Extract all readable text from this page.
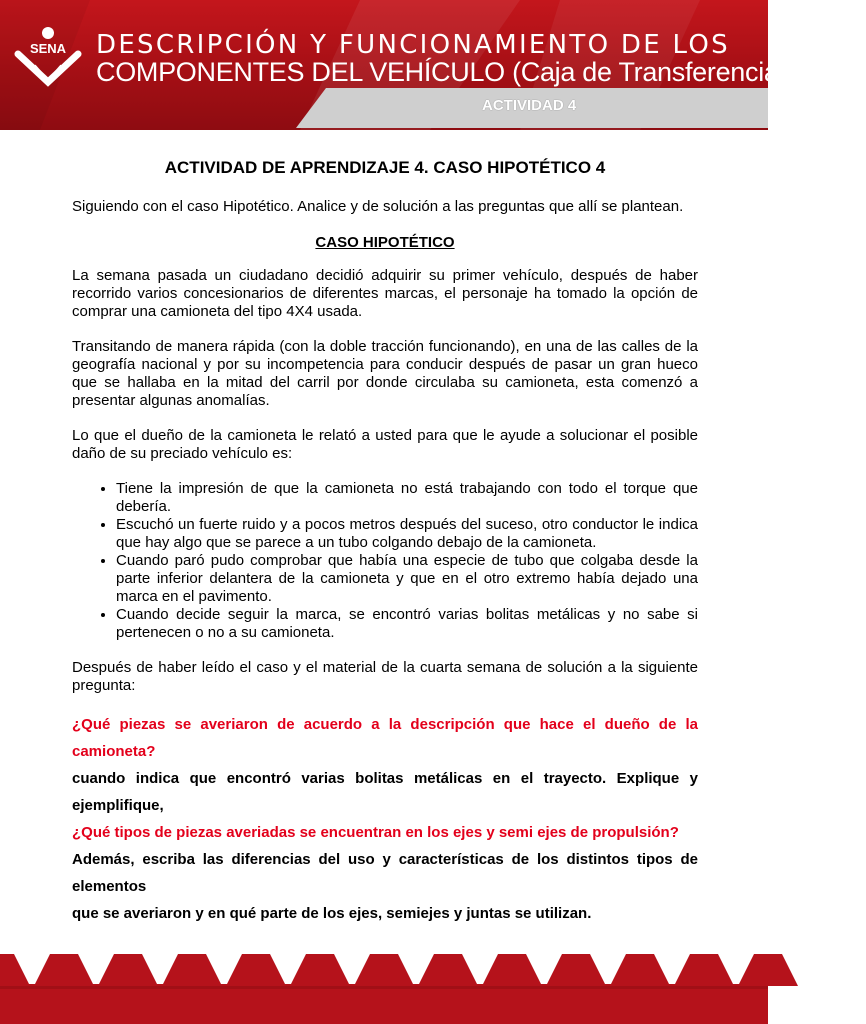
SENA DESCRIPCIÓN Y FUNCIONAMIENTO DE LOS
COMPONENTES DEL VEHÍCULO (Caja de Transferencia y Ejes)
ACTIVIDAD 4
ACTIVIDAD DE APRENDIZAJE 4. CASO HIPOTÉTICO 4

Siguiendo con el caso Hipotético. Analice y de solución a las preguntas que allí se plantean.

CASO HIPOTÉTICO

La semana pasada un ciudadano decidió adquirir su primer vehículo, después de haber recorrido varios concesionarios de diferentes marcas, el personaje ha tomado la opción de comprar una camioneta del tipo 4X4 usada.

Transitando de manera rápida (con la doble tracción funcionando), en una de las calles de la geografía nacional y por su incompetencia para conducir después de pasar un gran hueco que se hallaba en la mitad del carril por donde circulaba su camioneta, esta comenzó a presentar algunas anomalías.

Lo que el dueño de la camioneta le relató a usted para que le ayude a solucionar el posible daño de su preciado vehículo es:

• Tiene la impresión de que la camioneta no está trabajando con todo el torque que debería.
• Escuchó un fuerte ruido y a pocos metros después del suceso, otro conductor le indica que hay algo que se parece a un tubo colgando debajo de la camioneta.
• Cuando paró pudo comprobar que había una especie de tubo que colgaba desde la parte inferior delantera de la camioneta y que en el otro extremo había dejado una marca en el pavimento.
• Cuando decide seguir la marca, se encontró varias bolitas metálicas y no sabe si pertenecen o no a su camioneta.

Después de haber leído el caso y el material de la cuarta semana de solución a la siguiente pregunta:

¿Qué piezas se averiaron de acuerdo a la descripción que hace el dueño de la camioneta?
cuando indica que encontró varias bolitas metálicas en el trayecto. Explique y ejemplifique,
¿Qué tipos de piezas averiadas se encuentran en los ejes y semi ejes de propulsión?
Además, escriba las diferencias del uso y características de los distintos tipos de elementos
que se averiaron y en qué parte de los ejes, semiejes y juntas se utilizan.
